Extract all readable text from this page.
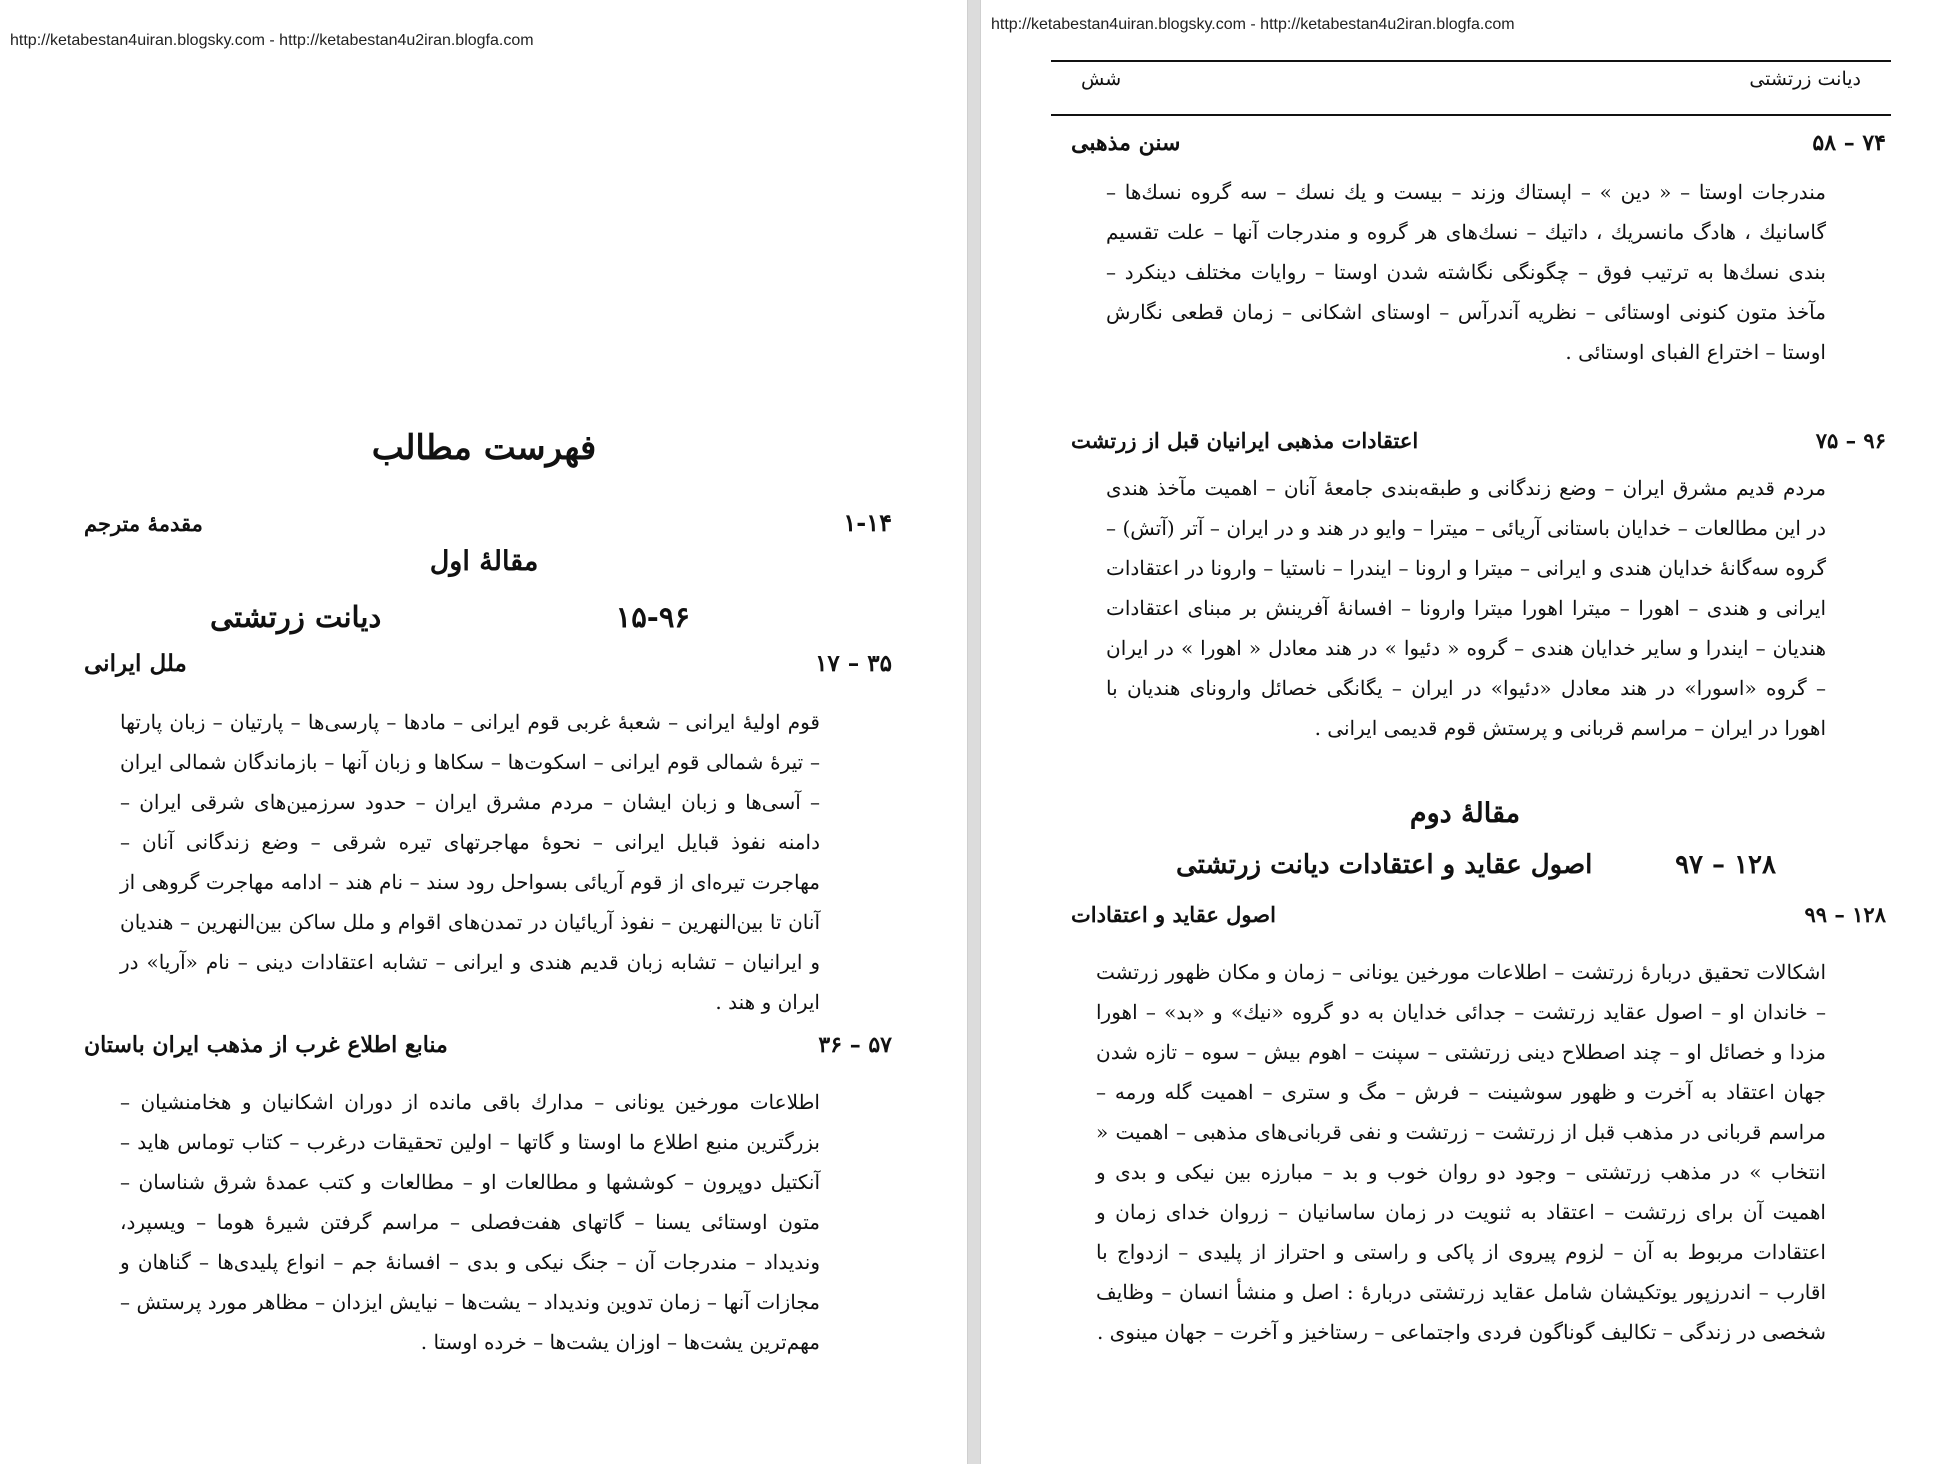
http://ketabestan4uiran.blogsky.com - http://ketabestan4u2iran.blogfa.com
فهرست مطالب
مقدمهٔ مترجم	۱-۱۴
مقالهٔ اول
دیانت زرتشتی	۱۵-۹۶
ملل ایرانی	۱۷ – ۳۵
قوم اولیهٔ ایرانی – شعبهٔ غربی قوم ایرانی – مادها – پارسی‌ها – پارتیان – زبان پارتها – تیرهٔ شمالی قوم ایرانی – اسکوت‌ها – سکاها و زبان آنها – بازماندگان شمالی ایران – آسی‌ها و زبان ایشان – مردم مشرق ایران – حدود سرزمین‌های شرقی ایران – دامنه نفوذ قبایل ایرانی – نحوهٔ مهاجرتهای تیره شرقی – وضع زندگانی آنان – مهاجرت تیره‌ای از قوم آریائی بسواحل رود سند – نام هند – ادامه مهاجرت گروهی از آنان تا بین‌النهرین – نفوذ آریائیان در تمدن‌های اقوام و ملل ساکن بین‌النهرین – هندیان و ایرانیان – تشابه زبان قدیم هندی و ایرانی – تشابه اعتقادات دینی – نام «آریا» در ایران و هند .
منابع اطلاع غرب از مذهب ایران باستان	۳۶ – ۵۷
اطلاعات مورخین یونانی – مدارك باقی مانده از دوران اشکانیان و هخامنشیان – بزرگترین منبع اطلاع ما اوستا و گاتها – اولین تحقیقات درغرب – کتاب توماس هاید – آنکتیل دوپرون – کوششها و مطالعات او – مطالعات و کتب عمدهٔ شرق شناسان – متون اوستائی یسنا – گاتهای هفت‌فصلی – مراسم گرفتن شیرهٔ هوما – ویسپرد، وندیداد – مندرجات آن – جنگ نیکی و بدی – افسانهٔ جم – انواع پلیدی‌ها – گناهان و مجازات آنها – زمان تدوین وندیداد – یشت‌ها – نیایش ایزدان – مظاهر مورد پرستش – مهم‌ترین یشت‌ها – اوزان یشت‌ها – خرده اوستا .
http://ketabestan4uiran.blogsky.com - http://ketabestan4u2iran.blogfa.com
شش	دیانت زرتشتی
سنن مذهبی	۵۸ – ۷۴
مندرجات اوستا – « دین » – اپستاك وزند – بیست و یك نسك – سه گروه نسك‌ها – گاسانیك ، هادگ مانسریك ، داتیك – نسك‌های هر گروه و مندرجات آنها – علت تقسیم بندی نسك‌ها به ترتیب فوق – چگونگی نگاشته شدن اوستا – روایات مختلف دینکرد – مآخذ متون کنونی اوستائی – نظریه آندرآس – اوستای اشکانی – زمان قطعی نگارش اوستا – اختراع الفبای اوستائی .
اعتقادات مذهبی ایرانیان قبل از زرتشت	۷۵ – ۹۶
مردم قدیم مشرق ایران – وضع زندگانی و طبقه‌بندی جامعهٔ آنان – اهمیت مآخذ هندی در این مطالعات – خدایان باستانی آریائی – میترا – وایو در هند و در ایران – آتر (آتش) – گروه سه‌گانهٔ خدایان هندی و ایرانی – میترا و ارونا – ایندرا – ناستیا – وارونا در اعتقادات ایرانی و هندی – اهورا – میترا اهورا میترا وارونا – افسانهٔ آفرینش بر مبنای اعتقادات هندیان – ایندرا و سایر خدایان هندی – گروه « دئیوا » در هند معادل « اهورا » در ایران – گروه «اسورا» در هند معادل «دئیوا» در ایران – یگانگی خصائل وارونای هندیان با اهورا در ایران – مراسم قربانی و پرستش قوم قدیمی ایرانی .
مقالهٔ دوم
اصول عقاید و اعتقادات دیانت زرتشتی	۹۷ – ۱۲۸
اصول عقاید و اعتقادات	۹۹ – ۱۲۸
اشکالات تحقیق دربارهٔ زرتشت – اطلاعات مورخین یونانی – زمان و مکان ظهور زرتشت – خاندان او – اصول عقاید زرتشت – جدائی خدایان به دو گروه «نیك» و «بد» – اهورا مزدا و خصائل او – چند اصطلاح دینی زرتشتی – سپنت – اهوم بیش – سوه – تازه شدن جهان اعتقاد به آخرت و ظهور سوشینت – فرش – مگ و ستری – اهمیت گله ورمه – مراسم قربانی در مذهب قبل از زرتشت – زرتشت و نفی قربانی‌های مذهبی – اهمیت « انتخاب » در مذهب زرتشتی – وجود دو روان خوب و بد – مبارزه بین نیکی و بدی و اهمیت آن برای زرتشت – اعتقاد به ثنویت در زمان ساسانیان – زروان خدای زمان و اعتقادات مربوط به آن – لزوم پیروی از پاکی و راستی و احتراز از پلیدی – ازدواج با اقارب – اندرزپور یوتکیشان شامل عقاید زرتشتی دربارهٔ : اصل و منشأ انسان – وظایف شخصی در زندگی – تکالیف گوناگون فردی واجتماعی – رستاخیز و آخرت – جهان مینوی .
